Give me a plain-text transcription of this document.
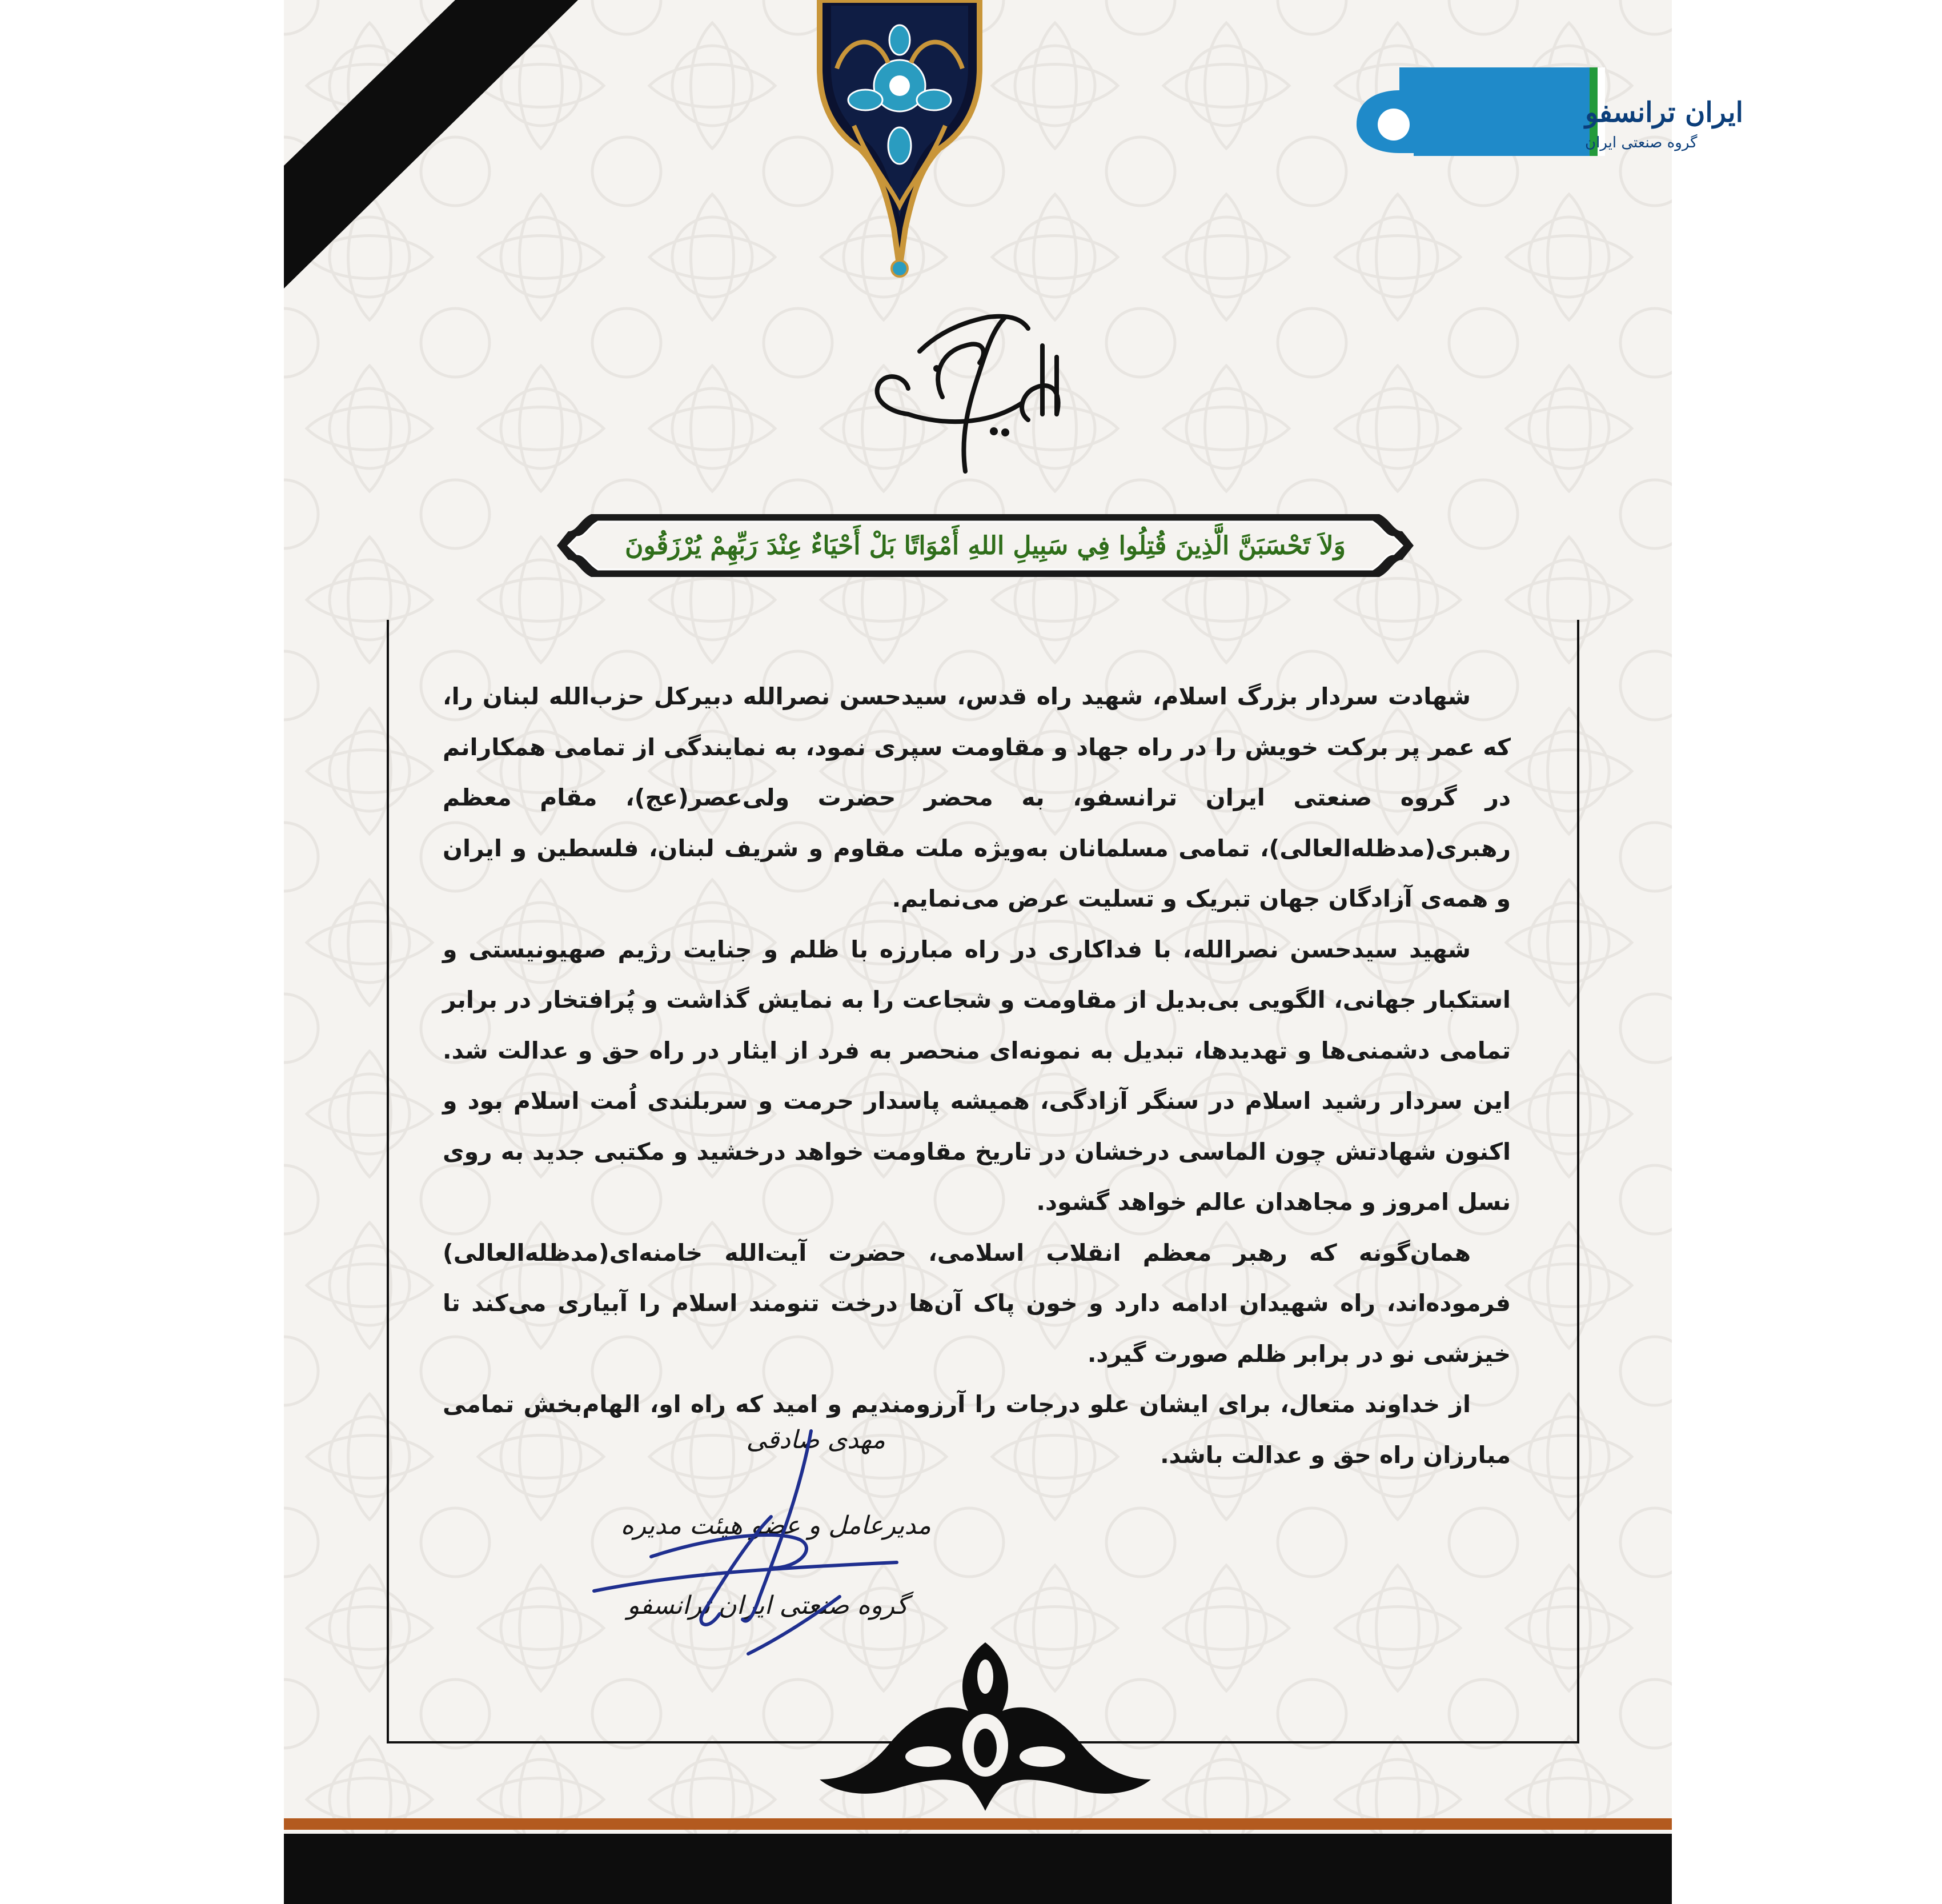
ایران ترانسفو
گروه صنعتی ایران
وَلاَ تَحْسَبَنَّ الَّذِينَ قُتِلُوا فِي سَبِيلِ اللهِ أَمْوَاتًا بَلْ أَحْيَاءٌ عِنْدَ رَبِّهِمْ يُرْزَقُونَ

شهادت سردار بزرگ اسلام، شهید راه قدس، سیدحسن نصرالله دبیرکل حزب‌الله لبنان را، که عمر پر برکت خویش را در راه جهاد و مقاومت سپری نمود، به نمایندگی از تمامی همکارانم در گروه صنعتی ایران ترانسفو، به محضر حضرت ولی‌عصر(عج)، مقام معظم رهبری(مدظله‌العالی)، تمامی مسلمانان به‌ویژه ملت مقاوم و شریف لبنان، فلسطین و ایران و همه‌ی آزادگان جهان تبریک و تسلیت عرض می‌نمایم.

شهید سیدحسن نصرالله، با فداکاری در راه مبارزه با ظلم و جنایت رژیم صهیونیستی و استکبار جهانی، الگویی بی‌بدیل از مقاومت و شجاعت را به نمایش گذاشت و پُرافتخار در برابر تمامی دشمنی‌ها و تهدیدها، تبدیل به نمونه‌ای منحصر به فرد از ایثار در راه حق و عدالت شد. این سردار رشید اسلام در سنگر آزادگی، همیشه پاسدار حرمت و سربلندی اُمت اسلام بود و اکنون شهادتش چون الماسی درخشان در تاریخ مقاومت خواهد درخشید و مکتبی جدید به روی نسل امروز و مجاهدان عالم خواهد گشود.

همان‌گونه که رهبر معظم انقلاب اسلامی، حضرت آیت‌الله خامنه‌ای(مدظله‌العالی) فرموده‌اند، راه شهیدان ادامه دارد و خون پاک آن‌ها درخت تنومند اسلام را آبیاری می‌کند تا خیزشی نو در برابر ظلم صورت گیرد.

از خداوند متعال، برای ایشان علو درجات را آرزومندیم و امید که راه او، الهام‌بخش تمامی مبارزان راه حق و عدالت باشد.

مهدی صادقی
مدیرعامل و عضو هیئت مدیره
گروه صنعتی ایران ترانسفو
